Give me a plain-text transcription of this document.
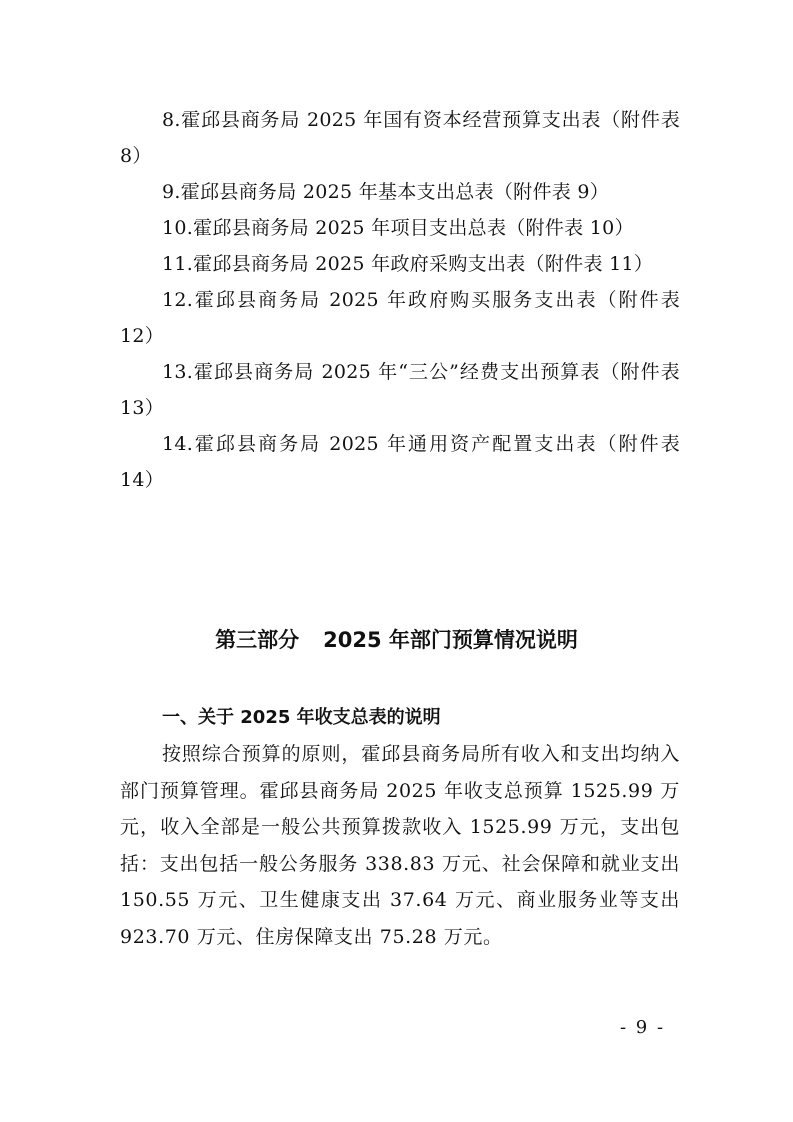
8.霍邱县商务局 2025 年国有资本经营预算支出表（附件表 8）

9.霍邱县商务局 2025 年基本支出总表（附件表 9）

10.霍邱县商务局 2025 年项目支出总表（附件表 10）

11.霍邱县商务局 2025 年政府采购支出表（附件表 11）

12.霍邱县商务局 2025 年政府购买服务支出表（附件表 12）

13.霍邱县商务局 2025 年“三公”经费支出预算表（附件表 13）

14.霍邱县商务局 2025 年通用资产配置支出表（附件表 14）

第三部分 2025 年部门预算情况说明
一、关于 2025 年收支总表的说明

按照综合预算的原则，霍邱县商务局所有收入和支出均纳入部门预算管理。霍邱县商务局 2025 年收支总预算 1525.99 万元，收入全部是一般公共预算拨款收入 1525.99 万元，支出包括：支出包括一般公务服务 338.83 万元、社会保障和就业支出 150.55 万元、卫生健康支出 37.64 万元、商业服务业等支出 923.70 万元、住房保障支出 75.28 万元。

- 9 -
